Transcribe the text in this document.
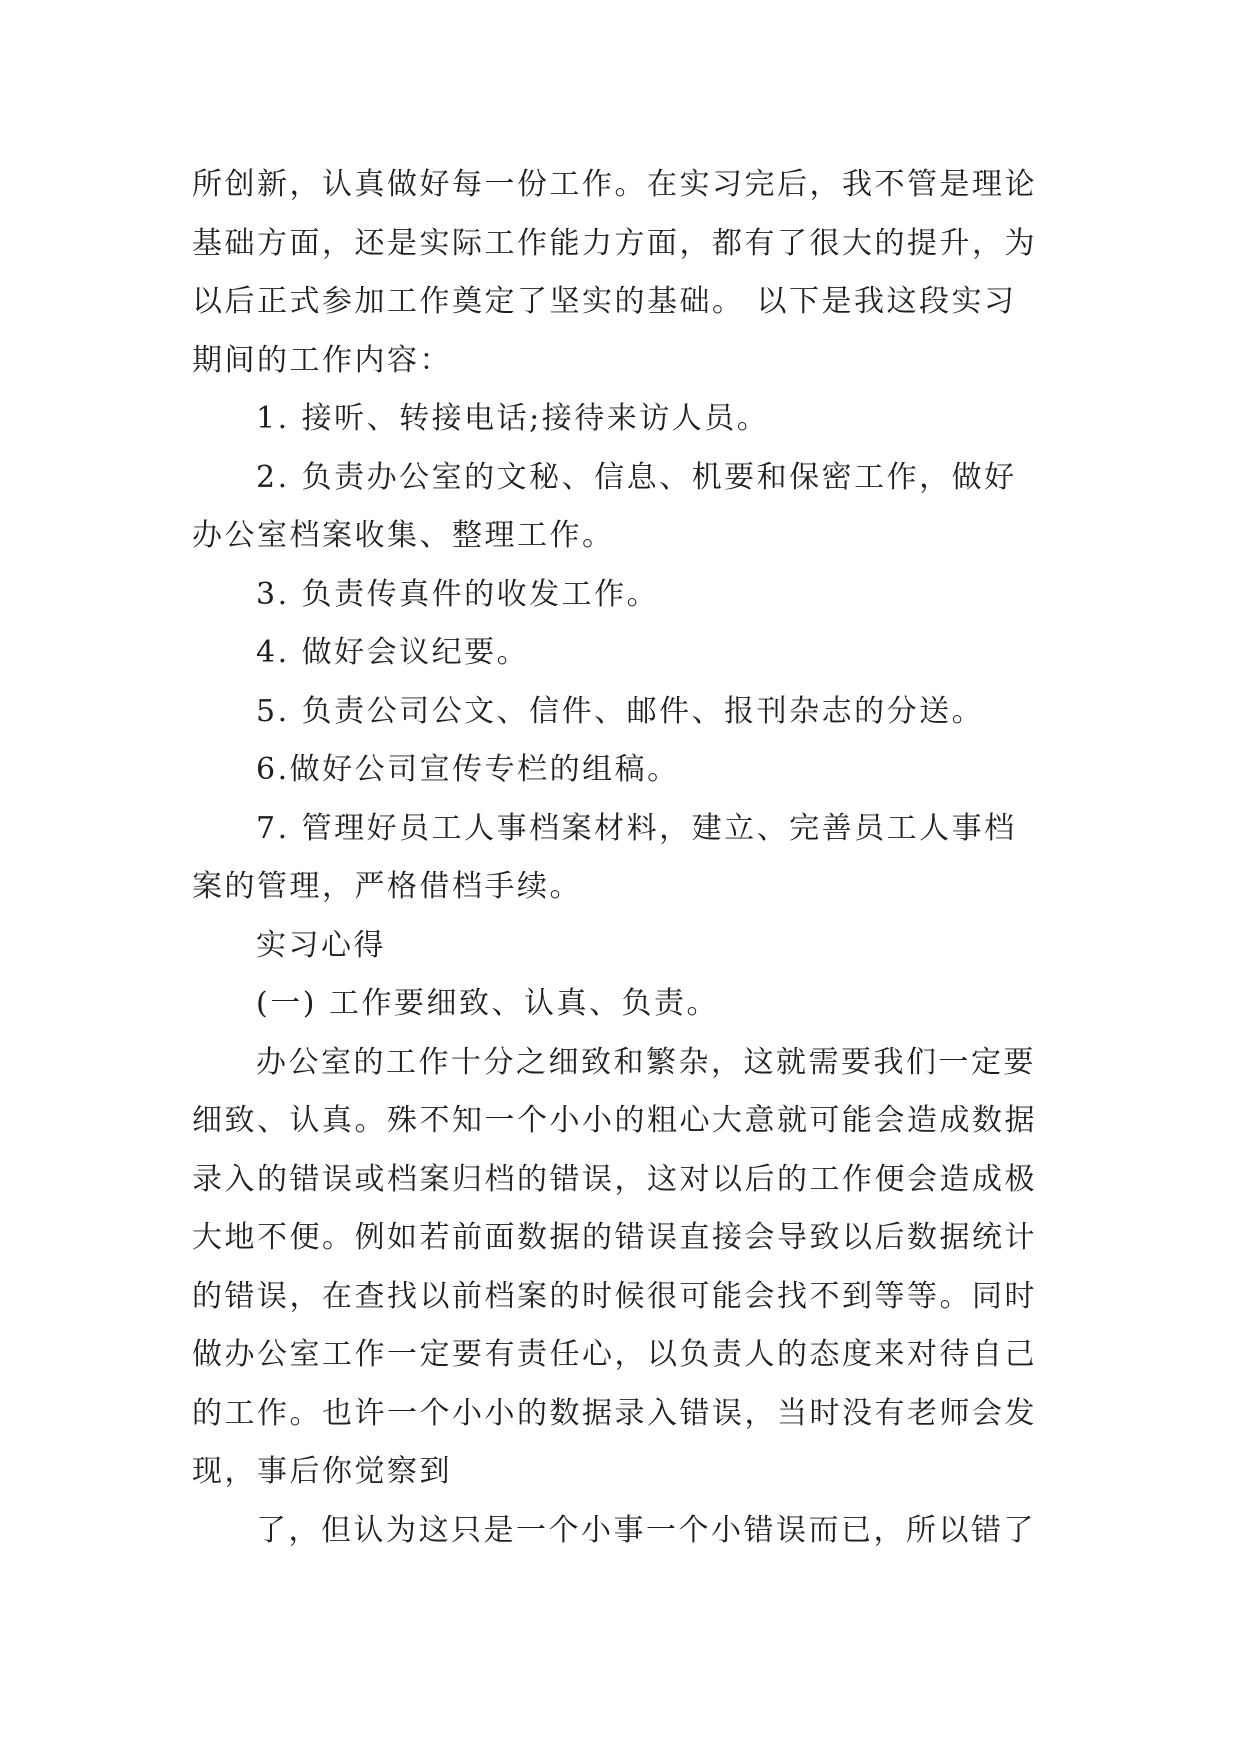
所创新，认真做好每一份工作。在实习完后，我不管是理论
基础方面，还是实际工作能力方面，都有了很大的提升，为
以后正式参加工作奠定了坚实的基础。 以下是我这段实习
期间的工作内容：
1. 接听、转接电话;接待来访人员。
2. 负责办公室的文秘、信息、机要和保密工作，做好
办公室档案收集、整理工作。
3. 负责传真件的收发工作。
4. 做好会议纪要。
5. 负责公司公文、信件、邮件、报刊杂志的分送。
6.做好公司宣传专栏的组稿。
7. 管理好员工人事档案材料，建立、完善员工人事档
案的管理，严格借档手续。
实习心得
(一) 工作要细致、认真、负责。
办公室的工作十分之细致和繁杂，这就需要我们一定要
细致、认真。殊不知一个小小的粗心大意就可能会造成数据
录入的错误或档案归档的错误，这对以后的工作便会造成极
大地不便。例如若前面数据的错误直接会导致以后数据统计
的错误，在查找以前档案的时候很可能会找不到等等。同时
做办公室工作一定要有责任心，以负责人的态度来对待自己
的工作。也许一个小小的数据录入错误，当时没有老师会发
现，事后你觉察到
了，但认为这只是一个小事一个小错误而已，所以错了
